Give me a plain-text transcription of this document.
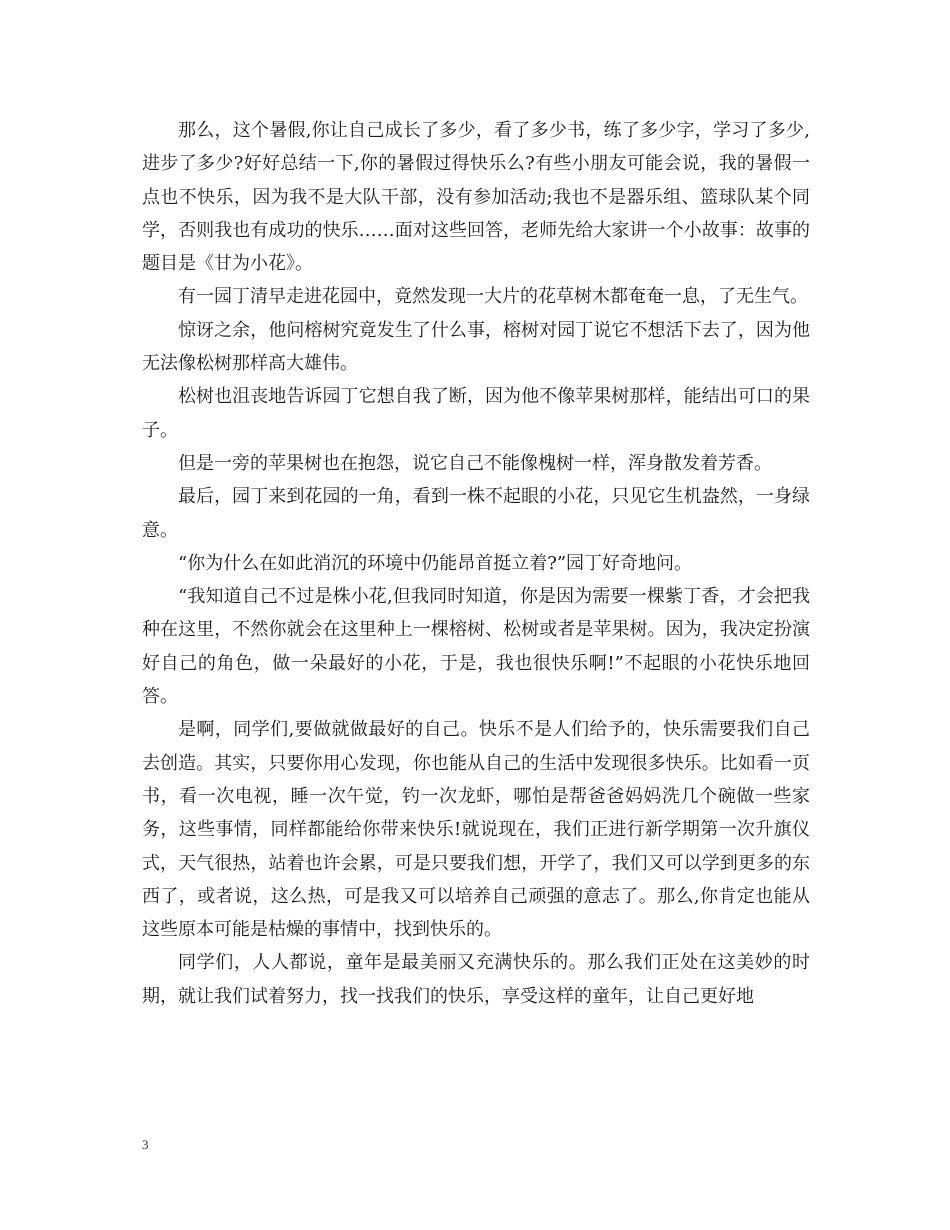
那么，这个暑假,你让自己成长了多少，看了多少书，练了多少字，学习了多少,进步了多少?好好总结一下,你的暑假过得快乐么?有些小朋友可能会说，我的暑假一点也不快乐，因为我不是大队干部，没有参加活动;我也不是器乐组、篮球队某个同学，否则我也有成功的快乐……面对这些回答，老师先给大家讲一个小故事：故事的题目是《甘为小花》。

有一园丁清早走进花园中，竟然发现一大片的花草树木都奄奄一息，了无生气。

惊讶之余，他问榕树究竟发生了什么事，榕树对园丁说它不想活下去了，因为他无法像松树那样高大雄伟。

松树也沮丧地告诉园丁它想自我了断，因为他不像苹果树那样，能结出可口的果子。

但是一旁的苹果树也在抱怨，说它自己不能像槐树一样，浑身散发着芳香。

最后，园丁来到花园的一角，看到一株不起眼的小花，只见它生机盎然，一身绿意。

“你为什么在如此消沉的环境中仍能昂首挺立着?”园丁好奇地问。

“我知道自己不过是株小花,但我同时知道，你是因为需要一棵紫丁香，才会把我种在这里，不然你就会在这里种上一棵榕树、松树或者是苹果树。因为，我决定扮演好自己的角色，做一朵最好的小花，于是，我也很快乐啊!”不起眼的小花快乐地回答。

是啊，同学们,要做就做最好的自己。快乐不是人们给予的，快乐需要我们自己去创造。其实，只要你用心发现，你也能从自己的生活中发现很多快乐。比如看一页书，看一次电视，睡一次午觉，钓一次龙虾，哪怕是帮爸爸妈妈洗几个碗做一些家务，这些事情，同样都能给你带来快乐!就说现在，我们正进行新学期第一次升旗仪式，天气很热，站着也许会累，可是只要我们想，开学了，我们又可以学到更多的东西了，或者说，这么热，可是我又可以培养自己顽强的意志了。那么,你肯定也能从这些原本可能是枯燥的事情中，找到快乐的。

同学们，人人都说，童年是最美丽又充满快乐的。那么我们正处在这美妙的时期，就让我们试着努力，找一找我们的快乐，享受这样的童年，让自己更好地

3
